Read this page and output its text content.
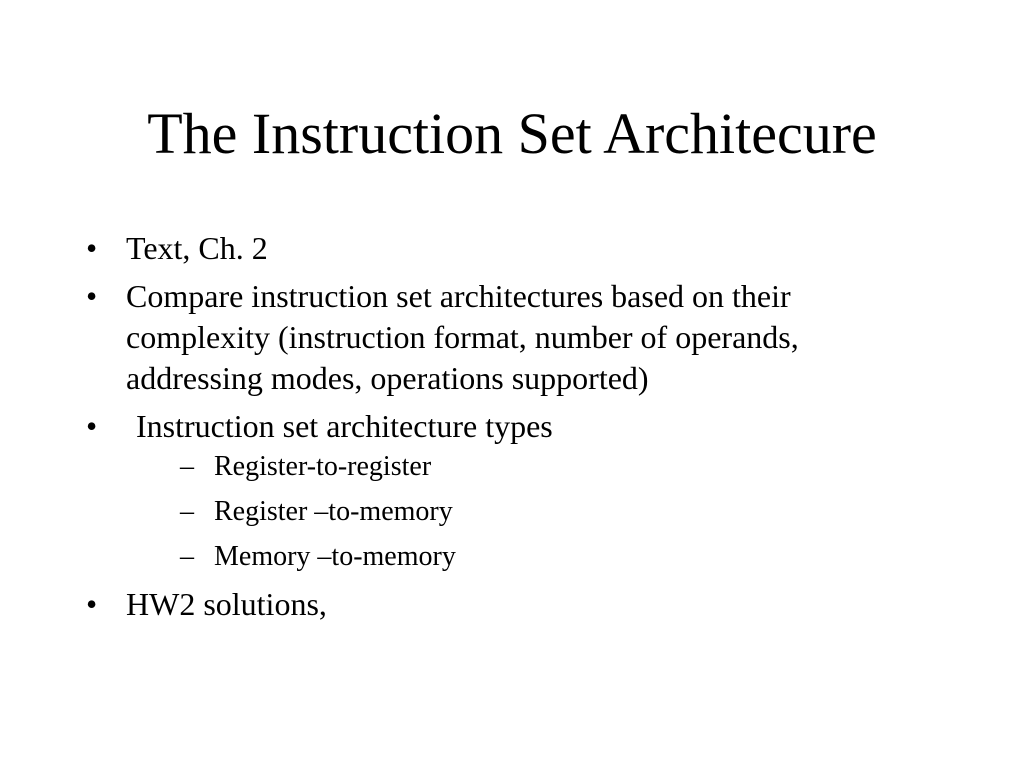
The Instruction Set Architecure
• Text, Ch. 2
• Compare instruction set architectures based on their complexity (instruction format, number of operands, addressing modes, operations supported)
•	Instruction set architecture types
– Register-to-register
– Register –to-memory
– Memory –to-memory
• HW2 solutions,
